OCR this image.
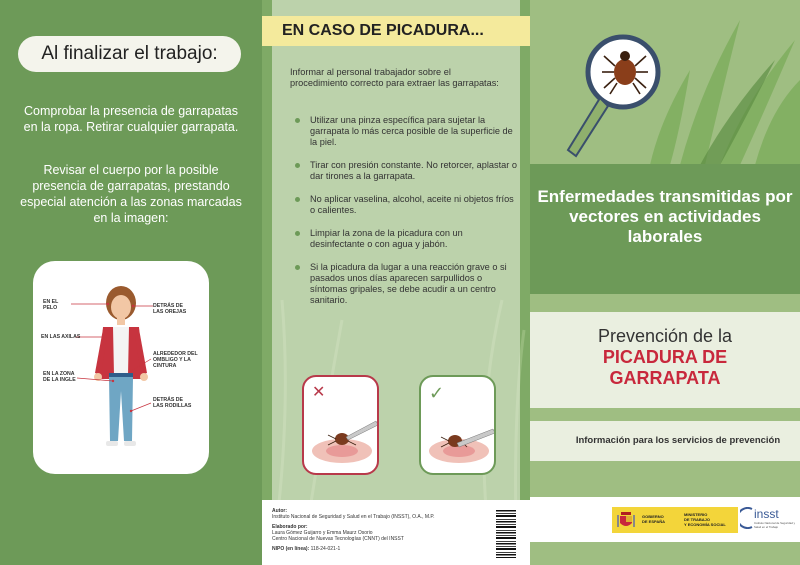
Al finalizar el trabajo:

Comprobar la presencia de garrapatas en la ropa. Retirar cualquier garrapata.

Revisar el cuerpo por la posible presencia de garrapatas, prestando especial atención a las zonas marcadas en la imagen:

EN EL PELO	DETRÁS DE LAS OREJAS
EN LAS AXILAS
ALREDEDOR DEL OMBLIGO Y LA CINTURA
EN LA ZONA DE LA INGLE
DETRÁS DE LAS RODILLAS
EN CASO DE PICADURA...

Informar al personal trabajador sobre el procedimiento correcto para extraer las garrapatas:

Utilizar una pinza específica para sujetar la garrapata lo más cerca posible de la superficie de la piel.
Tirar con presión constante. No retorcer, aplastar o dar tirones a la garrapata.
No aplicar vaselina, alcohol, aceite ni objetos fríos o calientes.
Limpiar la zona de la picadura con un desinfectante o con agua y jabón.
Si la picadura da lugar a una reacción grave o si pasados unos días aparecen sarpullidos o síntomas gripales, se debe acudir a un centro sanitario.
✕	✓
Autor:
Instituto Nacional de Seguridad y Salud en el Trabajo (INSST), O.A., M.P.
Elaborado por:
Laura Gómez Guijarro y Emma Maurz Osorio
Centro Nacional de Nuevas Tecnologías (CNNT) del INSST
NIPO (en línea): 118-24-021-1
Enfermedades transmitidas por vectores en actividades laborales
Prevención de la
PICADURA DE
GARRAPATA
Información para los servicios de prevención
GOBIERNO
DE ESPAÑA
MINISTERIO
DE TRABAJO
Y ECONOMÍA SOCIAL
insst
Instituto Nacional de Seguridad y Salud en el Trabajo
